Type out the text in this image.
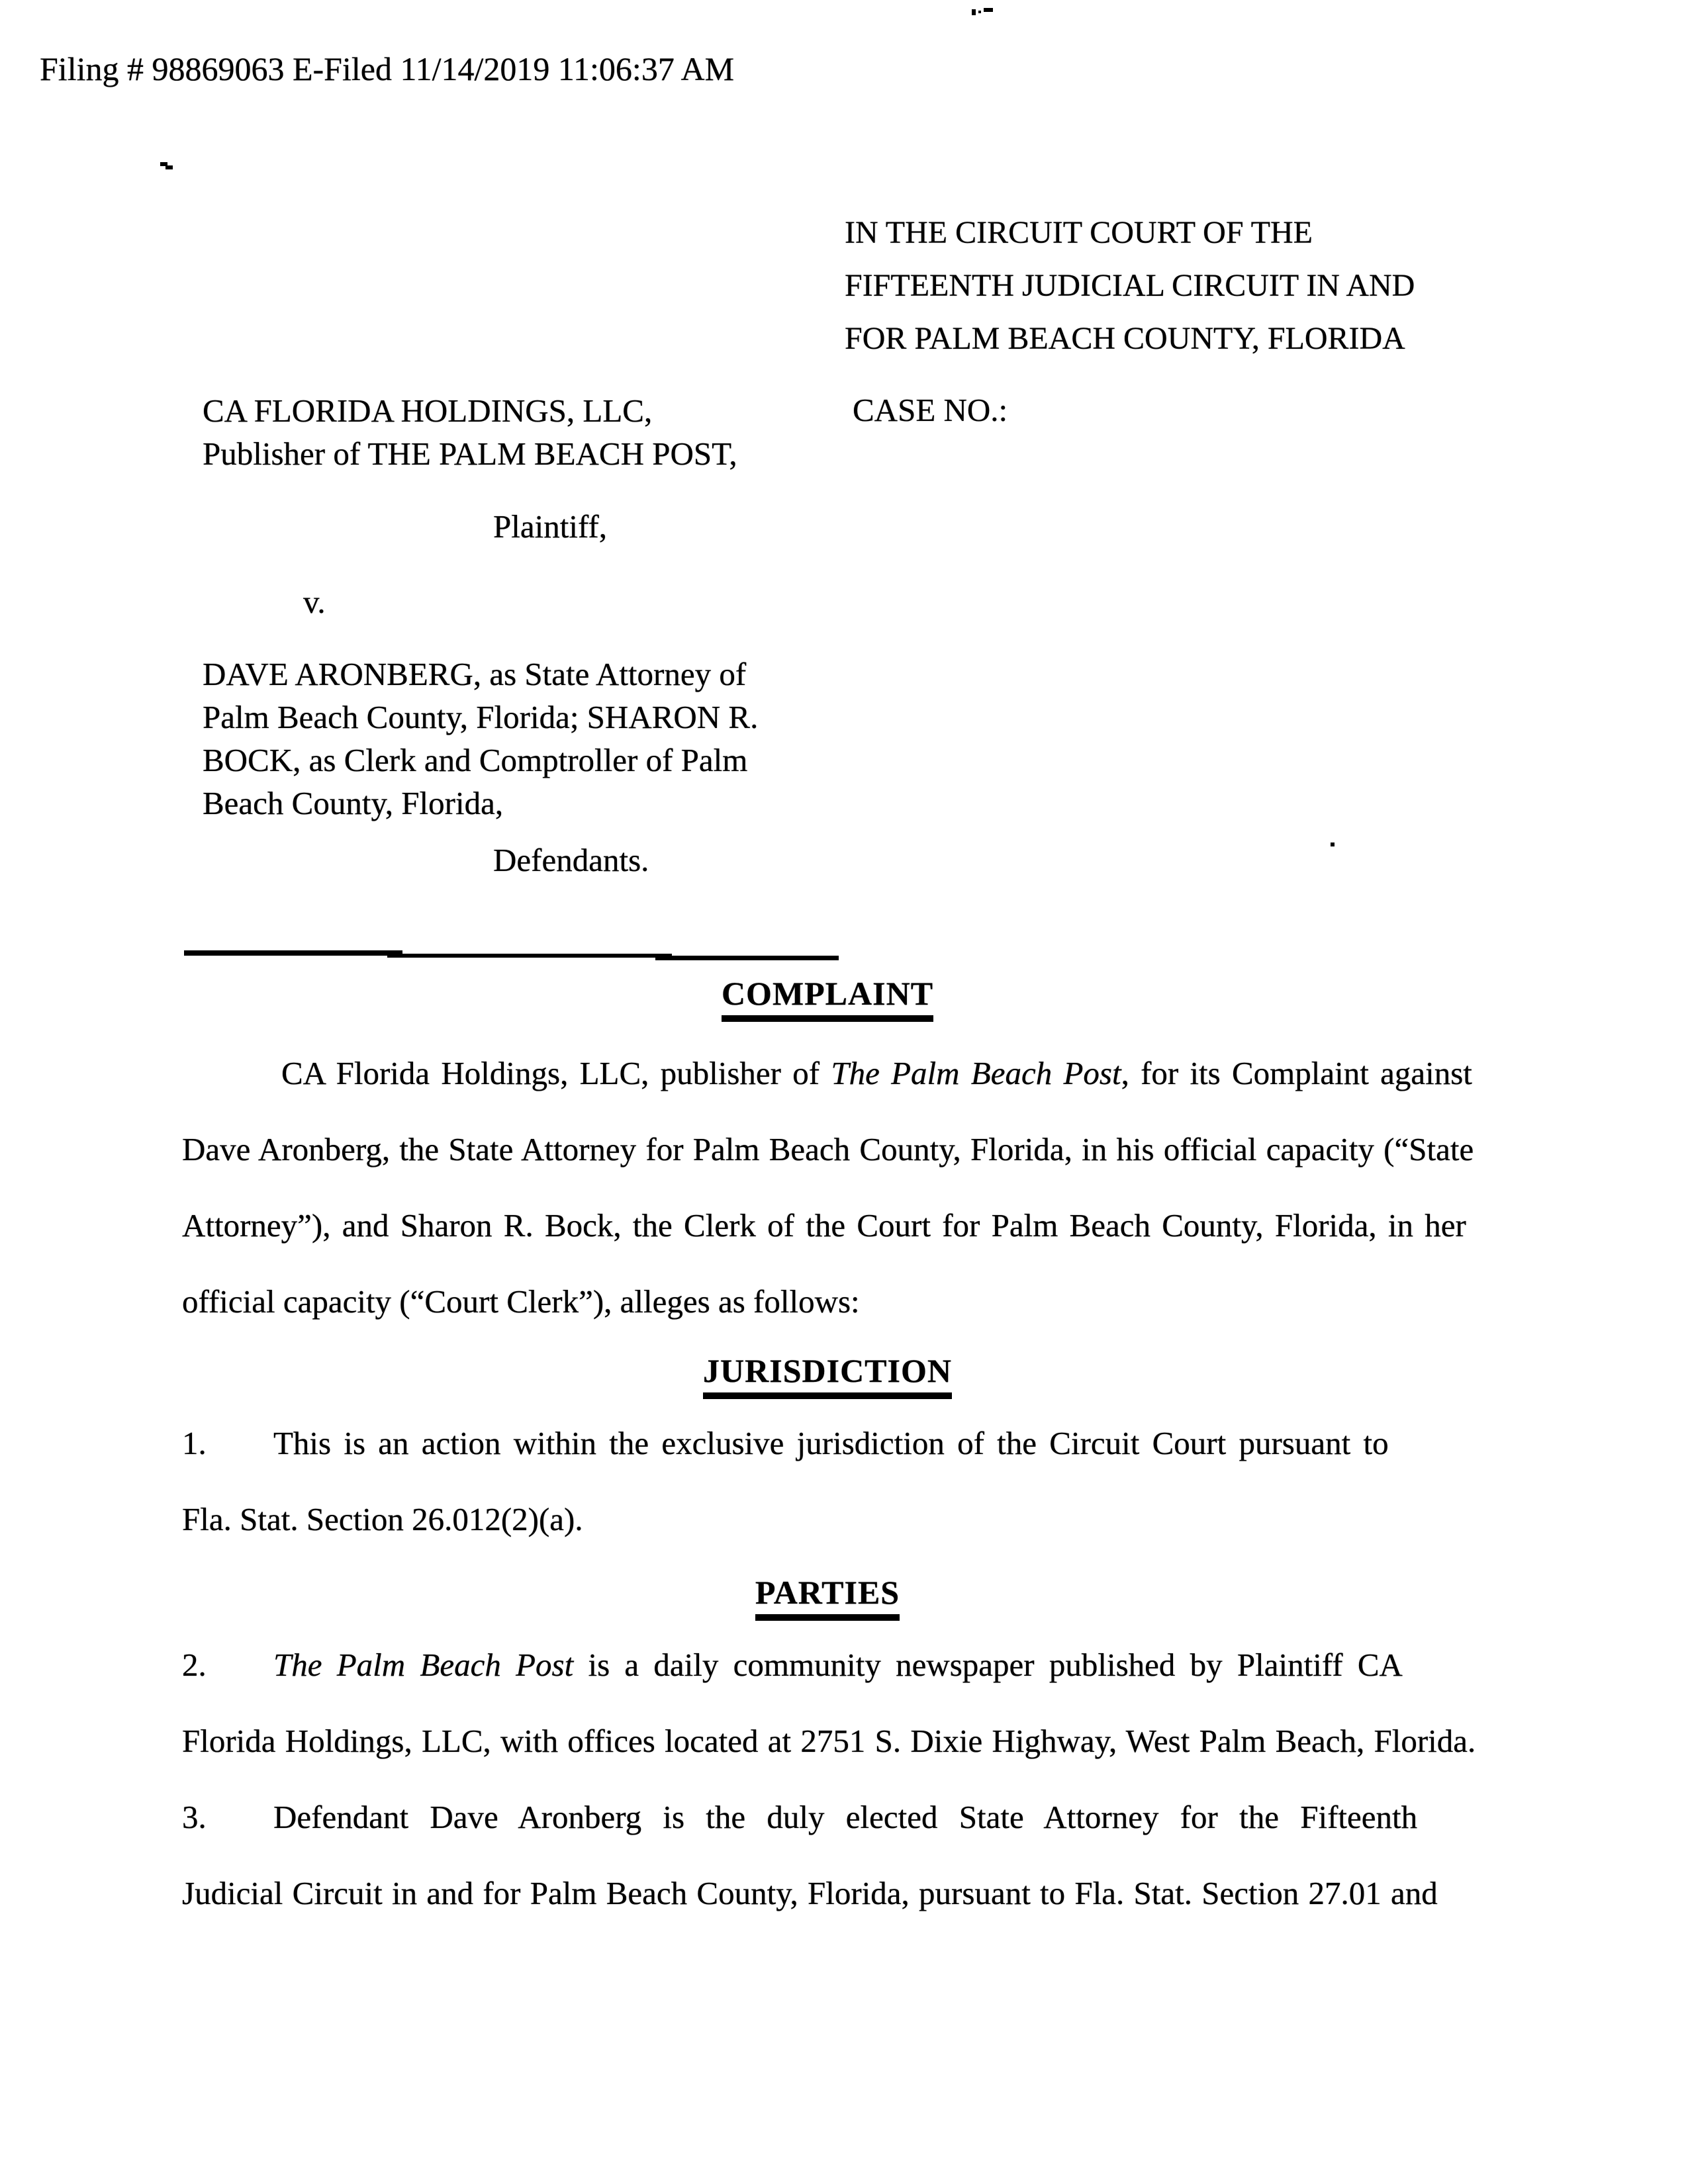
Filing # 98869063 E-Filed 11/14/2019 11:06:37 AM
IN THE CIRCUIT COURT OF THE
FIFTEENTH JUDICIAL CIRCUIT IN AND
FOR PALM BEACH COUNTY, FLORIDA
CA FLORIDA HOLDINGS, LLC,
Publisher of THE PALM BEACH POST,
CASE NO.:
Plaintiff,
v.
DAVE ARONBERG, as State Attorney of
Palm Beach County, Florida; SHARON R.
BOCK, as Clerk and Comptroller of Palm
Beach County, Florida,
Defendants.
COMPLAINT
CA Florida Holdings, LLC, publisher of The Palm Beach Post, for its Complaint against
Dave Aronberg, the State Attorney for Palm Beach County, Florida, in his official capacity (“State
Attorney”), and Sharon R. Bock, the Clerk of the Court for Palm Beach County, Florida, in her
official capacity (“Court Clerk”), alleges as follows:
JURISDICTION
1. This is an action within the exclusive jurisdiction of the Circuit Court pursuant to
Fla. Stat. Section 26.012(2)(a).
PARTIES
2. The Palm Beach Post is a daily community newspaper published by Plaintiff CA
Florida Holdings, LLC, with offices located at 2751 S. Dixie Highway, West Palm Beach, Florida.
3. Defendant Dave Aronberg is the duly elected State Attorney for the Fifteenth
Judicial Circuit in and for Palm Beach County, Florida, pursuant to Fla. Stat. Section 27.01 and
